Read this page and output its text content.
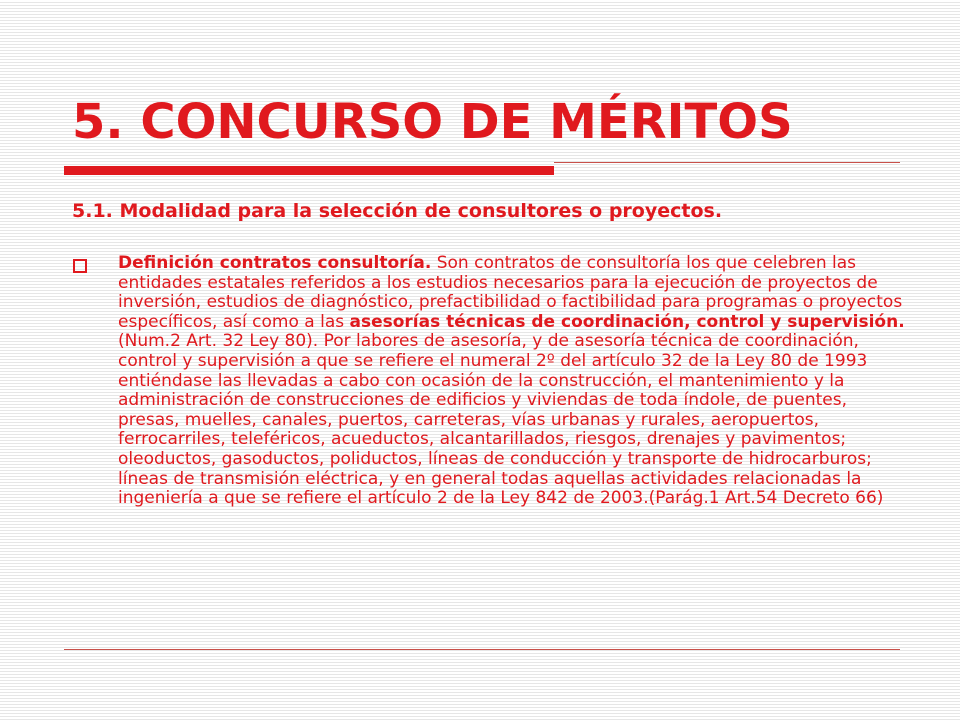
5. CONCURSO DE MÉRITOS
5.1. Modalidad para la selección de consultores o proyectos.

Definición contratos consultoría. Son contratos de consultoría los que celebren las entidades estatales referidos a los estudios necesarios para la ejecución de proyectos de inversión, estudios de diagnóstico, prefactibilidad o factibilidad para programas o proyectos específicos, así como a las asesorías técnicas de coordinación, control y supervisión. (Num.2 Art. 32 Ley 80). Por labores de asesoría, y de asesoría técnica de coordinación, control y supervisión a que se refiere el numeral 2º del artículo 32 de la Ley 80 de 1993 entiéndase las llevadas a cabo con ocasión de la construcción, el mantenimiento y la administración de construcciones de edificios y viviendas de toda índole, de puentes, presas, muelles, canales, puertos, carreteras, vías urbanas y rurales, aeropuertos, ferrocarriles, teleféricos, acueductos, alcantarillados, riesgos, drenajes y pavimentos; oleoductos, gasoductos, poliductos, líneas de conducción y transporte de hidrocarburos; líneas de transmisión eléctrica, y en general todas aquellas actividades relacionadas la ingeniería a que se refiere el artículo 2 de la Ley 842 de 2003.(Parág.1 Art.54 Decreto 66)
